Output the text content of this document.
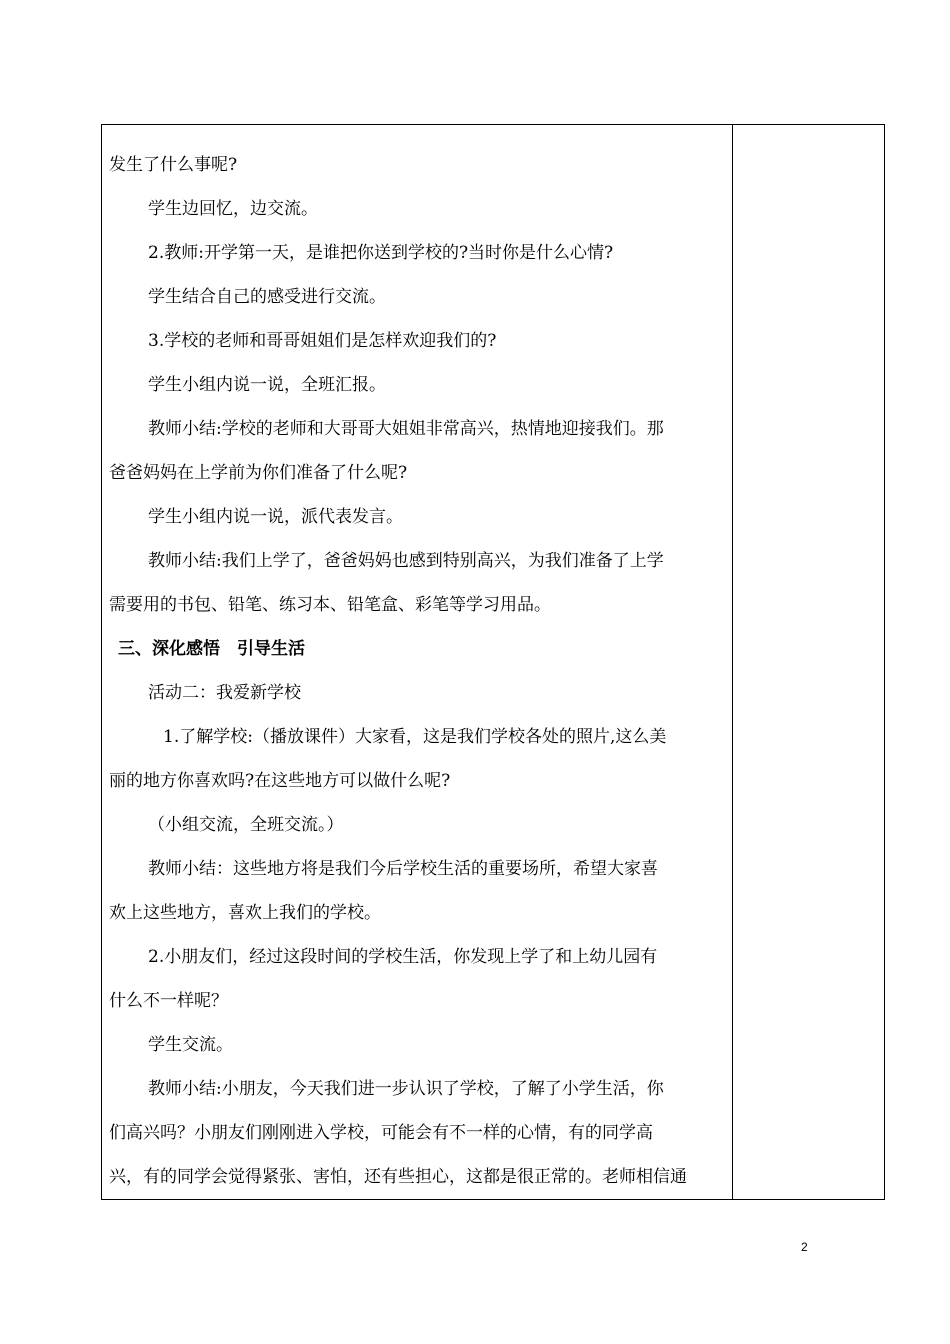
发生了什么事呢?

学生边回忆，边交流。

2.教师:开学第一天，是谁把你送到学校的?当时你是什么心情?

学生结合自己的感受进行交流。

3.学校的老师和哥哥姐姐们是怎样欢迎我们的?

学生小组内说一说，全班汇报。

教师小结:学校的老师和大哥哥大姐姐非常高兴，热情地迎接我们。那

爸爸妈妈在上学前为你们准备了什么呢?

学生小组内说一说，派代表发言。

教师小结:我们上学了，爸爸妈妈也感到特别高兴，为我们准备了上学

需要用的书包、铅笔、练习本、铅笔盒、彩笔等学习用品。

三、深化感悟　引导生活

活动二：我爱新学校

1.了解学校:（播放课件）大家看，这是我们学校各处的照片,这么美

丽的地方你喜欢吗?在这些地方可以做什么呢?

（小组交流，全班交流。）

教师小结：这些地方将是我们今后学校生活的重要场所，希望大家喜

欢上这些地方，喜欢上我们的学校。

2.小朋友们，经过这段时间的学校生活，你发现上学了和上幼儿园有

什么不一样呢？

学生交流。

教师小结:小朋友，今天我们进一步认识了学校，了解了小学生活，你

们高兴吗？小朋友们刚刚进入学校，可能会有不一样的心情，有的同学高

兴，有的同学会觉得紧张、害怕，还有些担心，这都是很正常的。老师相信通

2
